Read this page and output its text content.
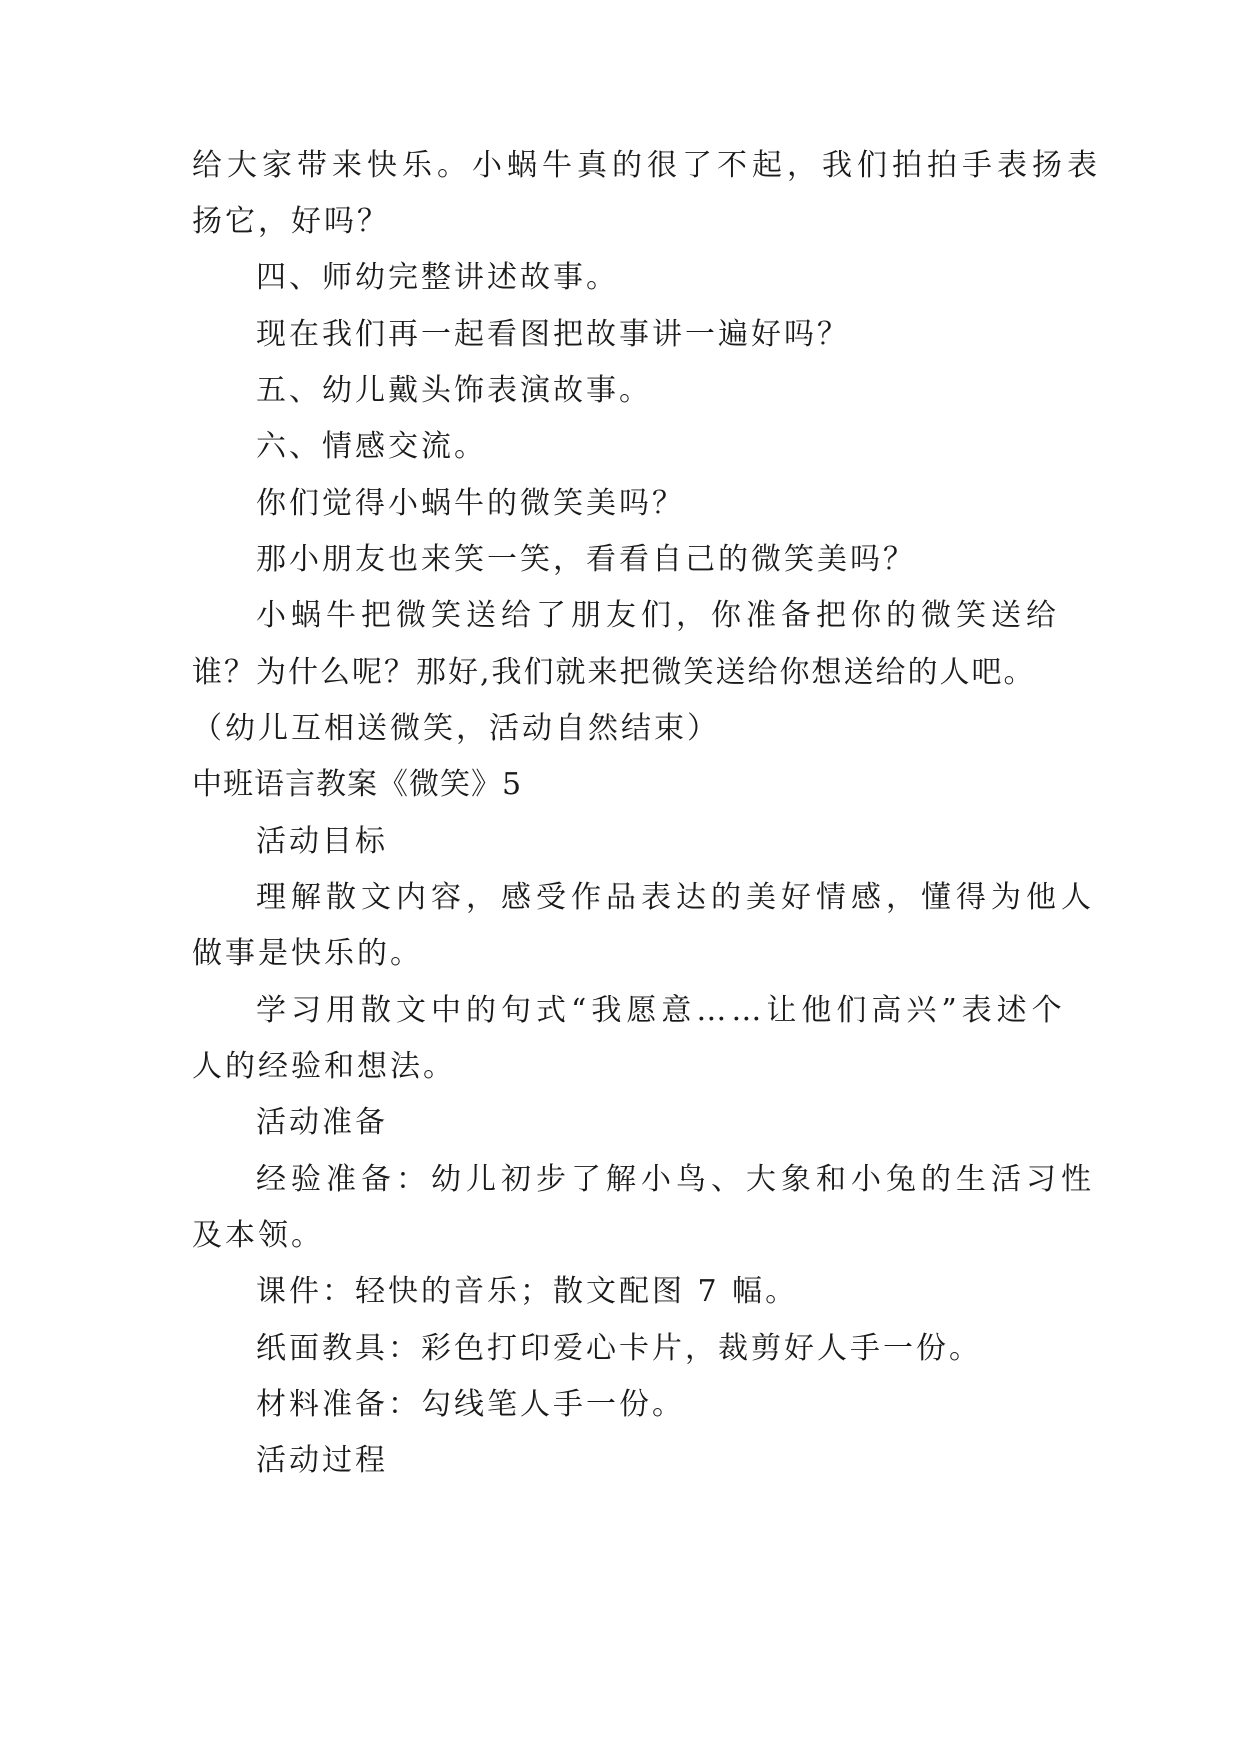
给大家带来快乐。小蜗牛真的很了不起，我们拍拍手表扬表
扬它，好吗？
四、师幼完整讲述故事。
现在我们再一起看图把故事讲一遍好吗？
五、幼儿戴头饰表演故事。
六、情感交流。
你们觉得小蜗牛的微笑美吗？
那小朋友也来笑一笑，看看自己的微笑美吗？
小蜗牛把微笑送给了朋友们，你准备把你的微笑送给
谁？为什么呢？那好,我们就来把微笑送给你想送给的人吧。
（幼儿互相送微笑，活动自然结束）
中班语言教案《微笑》5
活动目标
理解散文内容，感受作品表达的美好情感，懂得为他人
做事是快乐的。
学习用散文中的句式“我愿意……让他们高兴”表述个
人的经验和想法。
活动准备
经验准备：幼儿初步了解小鸟、大象和小兔的生活习性
及本领。
课件：轻快的音乐；散文配图 7 幅。
纸面教具：彩色打印爱心卡片，裁剪好人手一份。
材料准备：勾线笔人手一份。
活动过程
